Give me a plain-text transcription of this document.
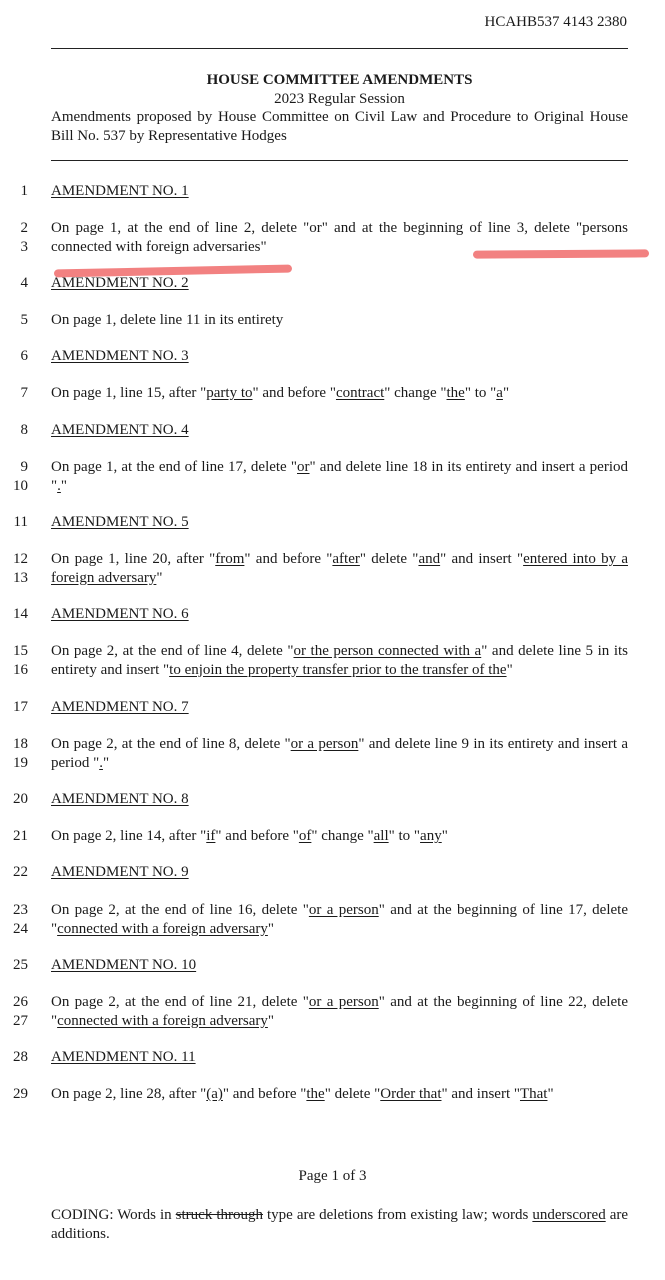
HCAHB537 4143 2380
HOUSE COMMITTEE AMENDMENTS
2023 Regular Session
Amendments proposed by House Committee on Civil Law and Procedure to Original House Bill No. 537 by Representative Hodges
1 AMENDMENT NO. 1
2
3
On page 1, at the end of line 2, delete "or" and at the beginning of line 3, delete "persons connected with foreign adversaries"
4 AMENDMENT NO. 2
5 On page 1, delete line 11 in its entirety
6 AMENDMENT NO. 3
7 On page 1, line 15, after "party to" and before "contract" change "the" to "a"
8 AMENDMENT NO. 4
9
10
On page 1, at the end of line 17, delete "or" and delete line 18 in its entirety and insert a period "."
11 AMENDMENT NO. 5
12
13
On page 1, line 20, after "from" and before "after" delete "and" and insert "entered into by a foreign adversary"
14 AMENDMENT NO. 6
15
16
On page 2, at the end of line 4, delete "or the person connected with a" and delete line 5 in its entirety and insert "to enjoin the property transfer prior to the transfer of the"
17 AMENDMENT NO. 7
18
19
On page 2, at the end of line 8, delete "or a person" and delete line 9 in its entirety and insert a period "."
20 AMENDMENT NO. 8
21 On page 2, line 14, after "if" and before "of" change "all" to "any"
22 AMENDMENT NO. 9
23
24
On page 2, at the end of line 16, delete "or a person" and at the beginning of line 17, delete "connected with a foreign adversary"
25 AMENDMENT NO. 10
26
27
On page 2, at the end of line 21, delete "or a person" and at the beginning of line 22, delete "connected with a foreign adversary"
28 AMENDMENT NO. 11
29 On page 2, line 28, after "(a)" and before "the" delete "Order that" and insert "That"
Page 1 of 3
CODING: Words in struck through type are deletions from existing law; words underscored are additions.
